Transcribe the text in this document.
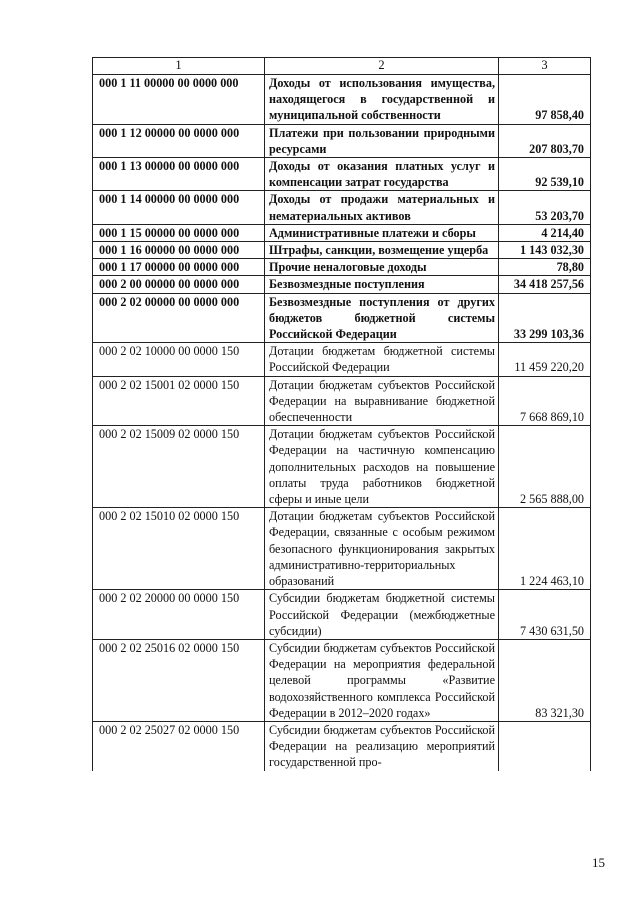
1	2	3
000 1 11 00000 00 0000 000	Доходы от использования имущества, находящегося в государственной и муниципальной собственности	97 858,40
000 1 12 00000 00 0000 000	Платежи при пользовании природными ресурсами	207 803,70
000 1 13 00000 00 0000 000	Доходы от оказания платных услуг и компенсации затрат государства	92 539,10
000 1 14 00000 00 0000 000	Доходы от продажи материальных и нематериальных активов	53 203,70
000 1 15 00000 00 0000 000	Административные платежи и сборы	4 214,40
000 1 16 00000 00 0000 000	Штрафы, санкции, возмещение ущерба	1 143 032,30
000 1 17 00000 00 0000 000	Прочие неналоговые доходы	78,80
000 2 00 00000 00 0000 000	Безвозмездные поступления	34 418 257,56
000 2 02 00000 00 0000 000	Безвозмездные поступления от других бюджетов бюджетной системы Российской Федерации	33 299 103,36
000 2 02 10000 00 0000 150	Дотации бюджетам бюджетной системы Российской Федерации	11 459 220,20
000 2 02 15001 02 0000 150	Дотации бюджетам субъектов Российской Федерации на выравнивание бюджетной обеспеченности	7 668 869,10
000 2 02 15009 02 0000 150	Дотации бюджетам субъектов Российской Федерации на частичную компенсацию дополнительных расходов на повышение оплаты труда работников бюджетной сферы и иные цели	2 565 888,00
000 2 02 15010 02 0000 150	Дотации бюджетам субъектов Российской Федерации, связанные с особым режимом безопасного функционирования закрытых административно-территориальных образований	1 224 463,10
000 2 02 20000 00 0000 150	Субсидии бюджетам бюджетной системы Российской Федерации (межбюджетные субсидии)	7 430 631,50
000 2 02 25016 02 0000 150	Субсидии бюджетам субъектов Российской Федерации на мероприятия федеральной целевой программы «Развитие водохозяйственного комплекса Российской Федерации в 2012–2020 годах»	83 321,30
000 2 02 25027 02 0000 150	Субсидии бюджетам субъектов Российской Федерации на реализацию мероприятий государственной про-	
15
